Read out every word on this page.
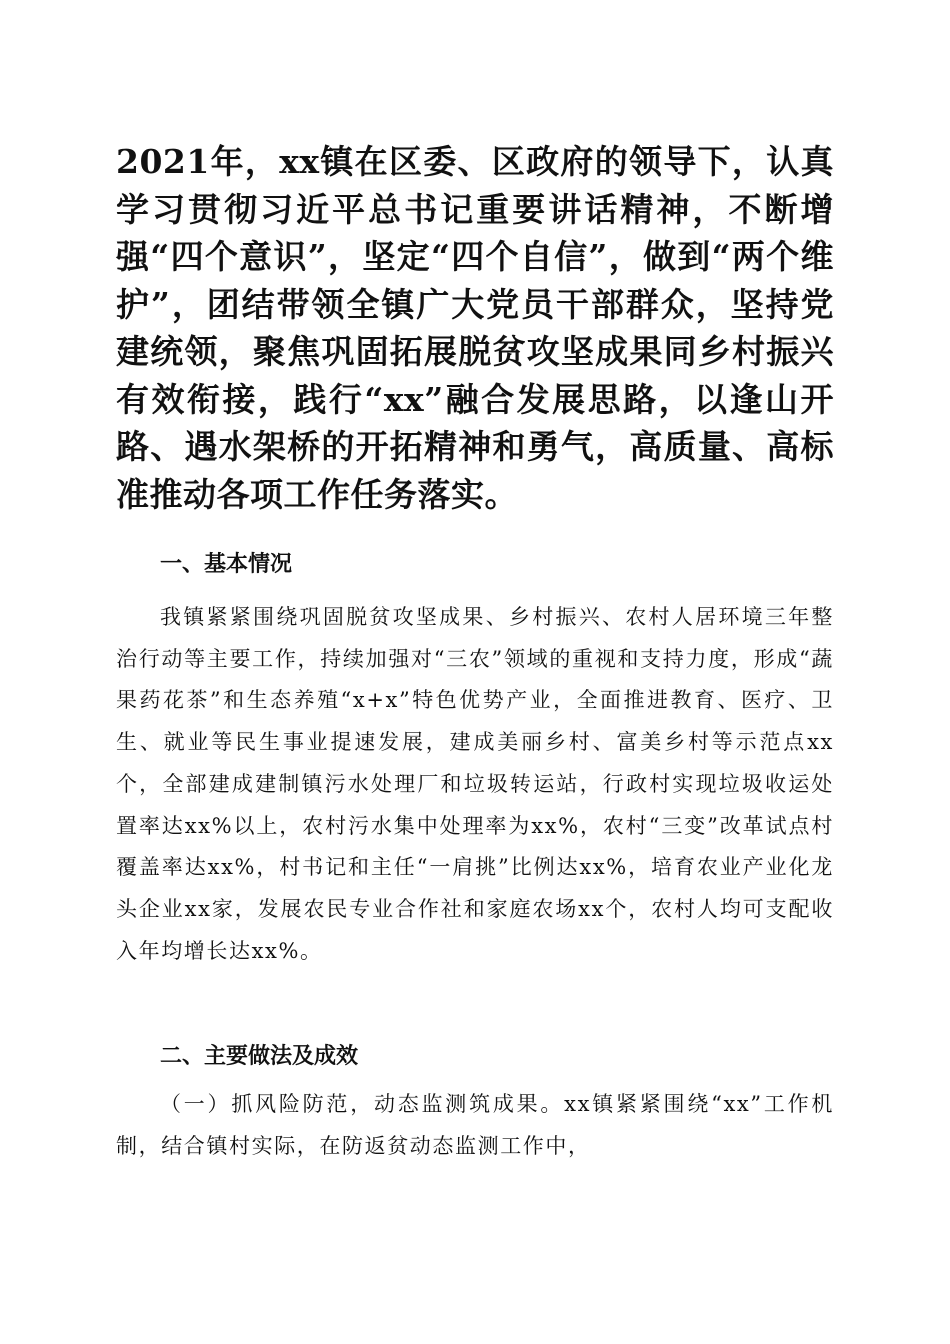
2021年，xx镇在区委、区政府的领导下，认真学习贯彻习近平总书记重要讲话精神，不断增强“四个意识”，坚定“四个自信”，做到“两个维护”，团结带领全镇广大党员干部群众，坚持党建统领，聚焦巩固拓展脱贫攻坚成果同乡村振兴有效衔接，践行“xx”融合发展思路，以逢山开路、遇水架桥的开拓精神和勇气，高质量、高标准推动各项工作任务落实。

一、基本情况

我镇紧紧围绕巩固脱贫攻坚成果、乡村振兴、农村人居环境三年整治行动等主要工作，持续加强对“三农”领域的重视和支持力度，形成“蔬果药花茶”和生态养殖“x+x”特色优势产业，全面推进教育、医疗、卫生、就业等民生事业提速发展，建成美丽乡村、富美乡村等示范点xx个，全部建成建制镇污水处理厂和垃圾转运站，行政村实现垃圾收运处置率达xx%以上，农村污水集中处理率为xx%，农村“三变”改革试点村覆盖率达xx%，村书记和主任“一肩挑”比例达xx%，培育农业产业化龙头企业xx家，发展农民专业合作社和家庭农场xx个，农村人均可支配收入年均增长达xx%。

二、主要做法及成效

（一）抓风险防范，动态监测筑成果。xx镇紧紧围绕“xx”工作机制，结合镇村实际，在防返贫动态监测工作中，
